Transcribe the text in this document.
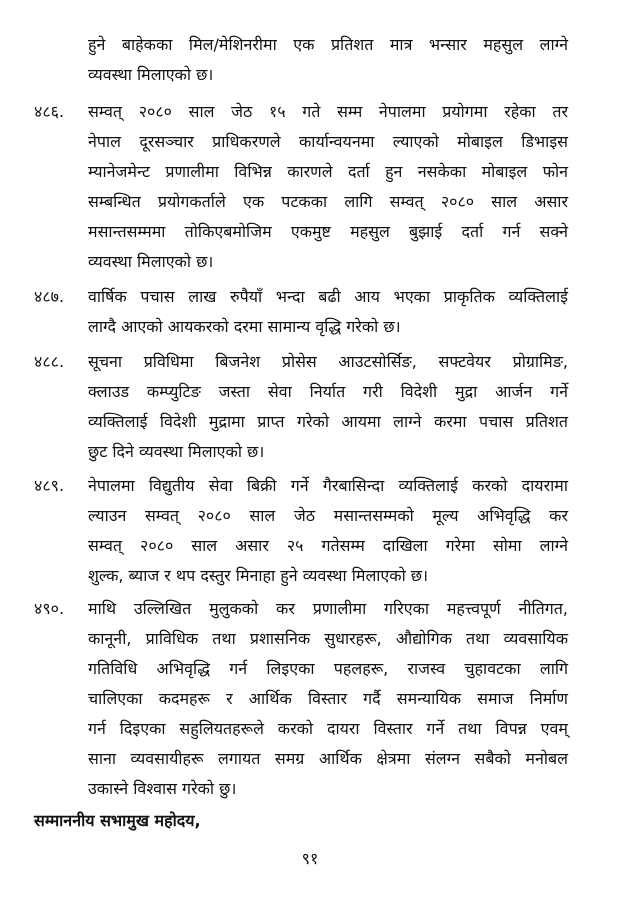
हुने बाहेकका मिल/मेशिनरीमा एक प्रतिशत मात्र भन्सार महसुल लाग्ने
व्यवस्था मिलाएको छ।
४८६. सम्वत् २०८० साल जेठ १५ गते सम्म नेपालमा प्रयोगमा रहेका तर
नेपाल दूरसञ्चार प्राधिकरणले कार्यान्वयनमा ल्याएको मोबाइल डिभाइस
म्यानेजमेन्ट प्रणालीमा विभिन्न कारणले दर्ता हुन नसकेका मोबाइल फोन
सम्बन्धित प्रयोगकर्ताले एक पटकका लागि सम्वत् २०८० साल असार
मसान्तसम्ममा तोकिएबमोजिम एकमुष्ट महसुल बुझाई दर्ता गर्न सक्ने
व्यवस्था मिलाएको छ।
४८७. वार्षिक पचास लाख रुपैयाँ भन्दा बढी आय भएका प्राकृतिक व्यक्तिलाई
लाग्दै आएको आयकरको दरमा सामान्य वृद्धि गरेको छ।
४८८. सूचना प्रविधिमा बिजनेश प्रोसेस आउटसोर्सिङ, सफ्टवेयर प्रोग्रामिङ,
क्लाउड कम्प्युटिङ जस्ता सेवा निर्यात गरी विदेशी मुद्रा आर्जन गर्ने
व्यक्तिलाई विदेशी मुद्रामा प्राप्त गरेको आयमा लाग्ने करमा पचास प्रतिशत
छुट दिने व्यवस्था मिलाएको छ।
४८९. नेपालमा विद्युतीय सेवा बिक्री गर्ने गैरबासिन्दा व्यक्तिलाई करको दायरामा
ल्याउन सम्वत् २०८० साल जेठ मसान्तसम्मको मूल्य अभिवृद्धि कर
सम्वत् २०८० साल असार २५ गतेसम्म दाखिला गरेमा सोमा लाग्ने
शुल्क, ब्याज र थप दस्तुर मिनाहा हुने व्यवस्था मिलाएको छ।
४९०. माथि उल्लिखित मुलुकको कर प्रणालीमा गरिएका महत्त्वपूर्ण नीतिगत,
कानूनी, प्राविधिक तथा प्रशासनिक सुधारहरू, औद्योगिक तथा व्यवसायिक
गतिविधि अभिवृद्धि गर्न लिइएका पहलहरू, राजस्व चुहावटका लागि
चालिएका कदमहरू र आर्थिक विस्तार गर्दै समन्यायिक समाज निर्माण
गर्न दिइएका सहुलियतहरूले करको दायरा विस्तार गर्ने तथा विपन्न एवम्
साना व्यवसायीहरू लगायत समग्र आर्थिक क्षेत्रमा संलग्न सबैको मनोबल
उकास्ने विश्वास गरेको छु।
सम्माननीय सभामुख महोदय,
९१
